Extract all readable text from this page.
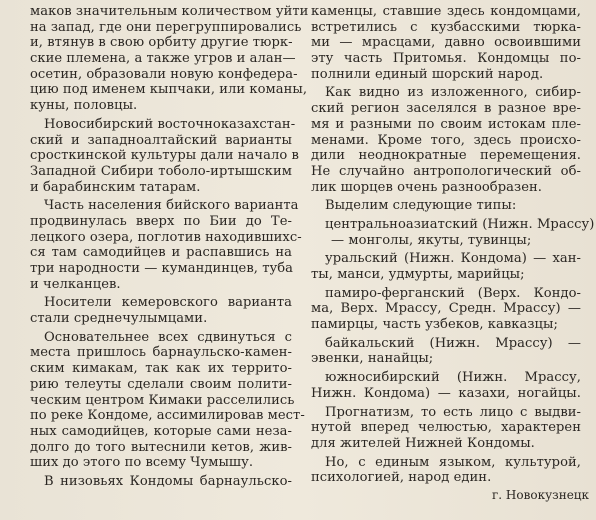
маков значительным количеством уйти
на запад, где они перегруппировались
и, втянув в свою орбиту другие тюрк-
ские племена, а также угров и алан—
осетин, образовали новую конфедера-
цию под именем кыпчаки, или команы,
куны, половцы.
Новосибирский восточноказахстан-
ский и западноалтайский варианты
сросткинской культуры дали начало в
Западной Сибири тоболо-иртышским
и барабинским татарам.
Часть населения бийского варианта
продвинулась вверх по Бии до Те-
лецкого озера, поглотив находившихс-
ся там самодийцев и распавшись на
три народности — кумандинцев, туба
и челканцев.
Носители кемеровского варианта
стали среднечулымцами.
Основательнее всех сдвинуться с
места пришлось барнаульско-камен-
ским кимакам, так как их террито-
рию телеуты сделали своим полити-
ческим центром Кимаки расселились
по реке Кондоме, ассимилировав мест-
ных самодийцев, которые сами неза-
долго до того вытеснили кетов, жив-
ших до этого по всему Чумышу.
В низовьях Кондомы барнаульско-
каменцы, ставшие здесь кондомцами,
встретились с кузбасскими тюрка-
ми — мрасцами, давно освоившими
эту часть Притомья. Кондомцы по-
полнили единый шорский народ.
Как видно из изложенного, сибир-
ский регион заселялся в разное вре-
мя и разными по своим истокам пле-
менами. Кроме того, здесь происхо-
дили неоднократные перемещения.
Не случайно антропологический об-
лик шорцев очень разнообразен.
Выделим следующие типы:
центральноазиатский (Нижн. Мрассу)
— монголы, якуты, тувинцы;
уральский (Нижн. Кондома) — хан-
ты, манси, удмурты, марийцы;
памиро-ферганский (Верх. Кондо-
ма, Верх. Мрассу, Средн. Мрассу) —
памирцы, часть узбеков, кавказцы;
байкальский (Нижн. Мрассу) —
эвенки, нанайцы;
южносибирский (Нижн. Мрассу,
Нижн. Кондома) — казахи, ногайцы.
Прогнатизм, то есть лицо с выдви-
нутой вперед челюстью, характерен
для жителей Нижней Кондомы.
Но, с единым языком, культурой,
психологией, народ един.
г. Новокузнецк
